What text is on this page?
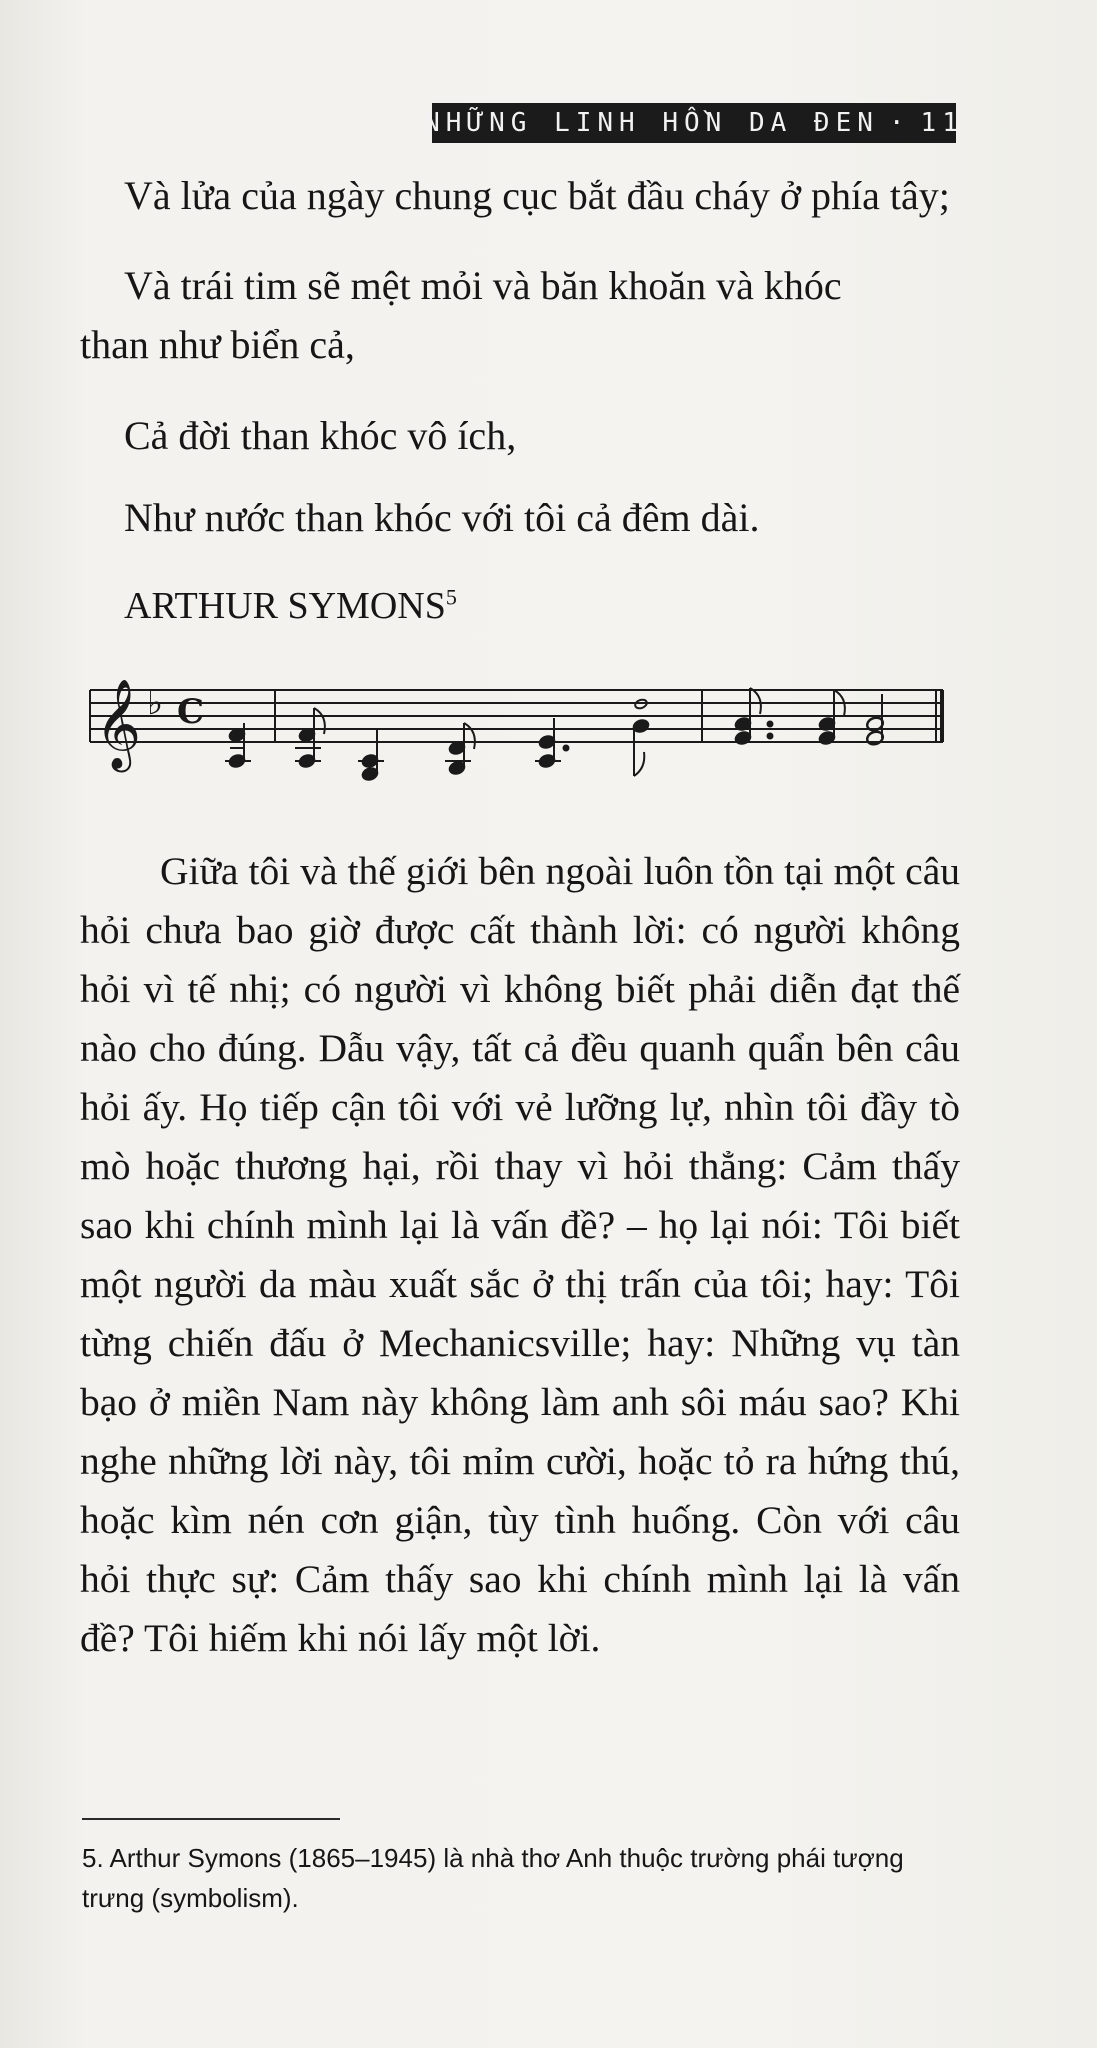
NHỮNG LINH HỒN DA ĐEN · 11
Và lửa của ngày chung cục bắt đầu cháy ở phía tây;
Và trái tim sẽ mệt mỏi và băn khoăn và khóc
than như biển cả,
Cả đời than khóc vô ích,
Như nước than khóc với tôi cả đêm dài.
ARTHUR SYMONS$^5$
𝄞 ♭ C

Giữa tôi và thế giới bên ngoài luôn tồn tại một câu hỏi chưa bao giờ được cất thành lời: có người không hỏi vì tế nhị; có người vì không biết phải diễn đạt thế nào cho đúng. Dẫu vậy, tất cả đều quanh quẩn bên câu hỏi ấy. Họ tiếp cận tôi với vẻ lưỡng lự, nhìn tôi đầy tò mò hoặc thương hại, rồi thay vì hỏi thẳng: Cảm thấy sao khi chính mình lại là vấn đề? – họ lại nói: Tôi biết một người da màu xuất sắc ở thị trấn của tôi; hay: Tôi từng chiến đấu ở Mechanicsville; hay: Những vụ tàn bạo ở miền Nam này không làm anh sôi máu sao? Khi nghe những lời này, tôi mỉm cười, hoặc tỏ ra hứng thú, hoặc kìm nén cơn giận, tùy tình huống. Còn với câu hỏi thực sự: Cảm thấy sao khi chính mình lại là vấn đề? Tôi hiếm khi nói lấy một lời.

5. Arthur Symons (1865–1945) là nhà thơ Anh thuộc trường phái tượng trưng (symbolism).
